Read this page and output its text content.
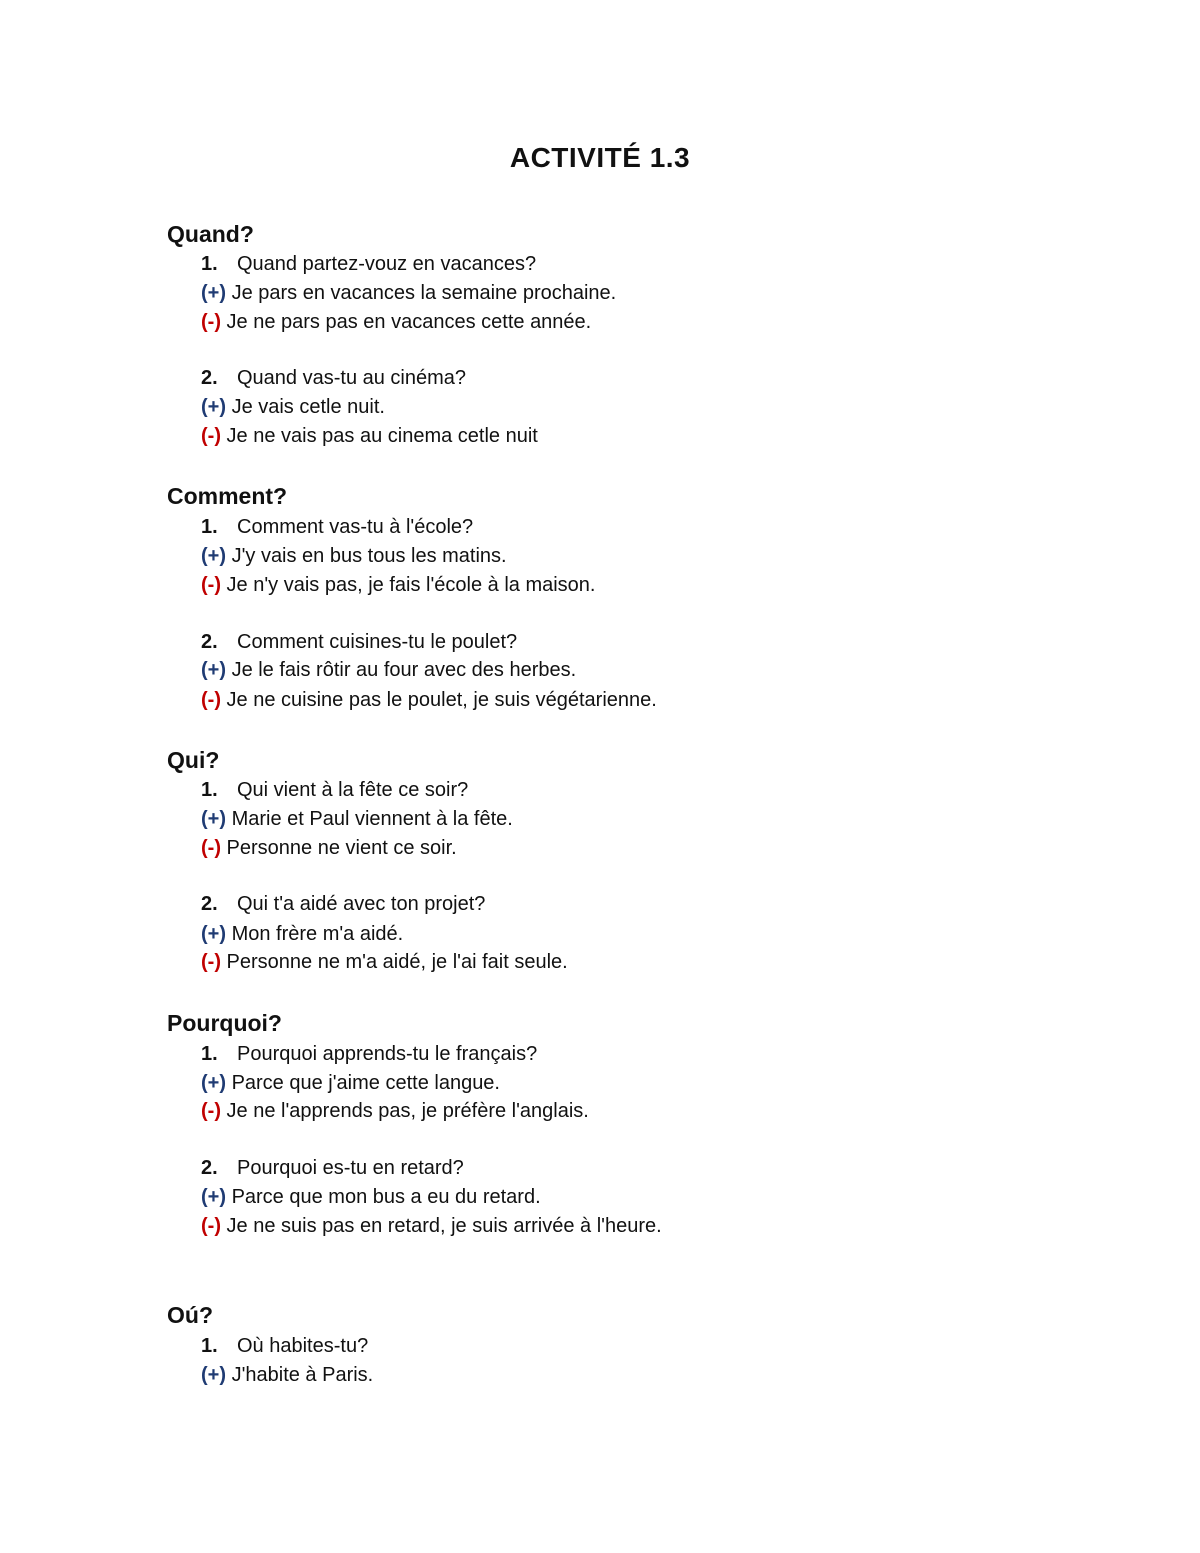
ACTIVITÉ 1.3
Quand?
1. Quand partez-vouz en vacances?
(+) Je pars en vacances la semaine prochaine.
(-) Je ne pars pas en vacances cette année.
2. Quand vas-tu au cinéma?
(+) Je vais cetle nuit.
(-) Je ne vais pas au cinema cetle nuit
Comment?
1. Comment vas-tu à l'école?
(+) J'y vais en bus tous les matins.
(-) Je n'y vais pas, je fais l'école à la maison.
2. Comment cuisines-tu le poulet?
(+) Je le fais rôtir au four avec des herbes.
(-) Je ne cuisine pas le poulet, je suis végétarienne.
Qui?
1. Qui vient à la fête ce soir?
(+) Marie et Paul viennent à la fête.
(-) Personne ne vient ce soir.
2. Qui t'a aidé avec ton projet?
(+) Mon frère m'a aidé.
(-) Personne ne m'a aidé, je l'ai fait seule.
Pourquoi?
1. Pourquoi apprends-tu le français?
(+) Parce que j'aime cette langue.
(-) Je ne l'apprends pas, je préfère l'anglais.
2. Pourquoi es-tu en retard?
(+) Parce que mon bus a eu du retard.
(-) Je ne suis pas en retard, je suis arrivée à l'heure.
Oú?
1. Où habites-tu?
(+) J'habite à Paris.
